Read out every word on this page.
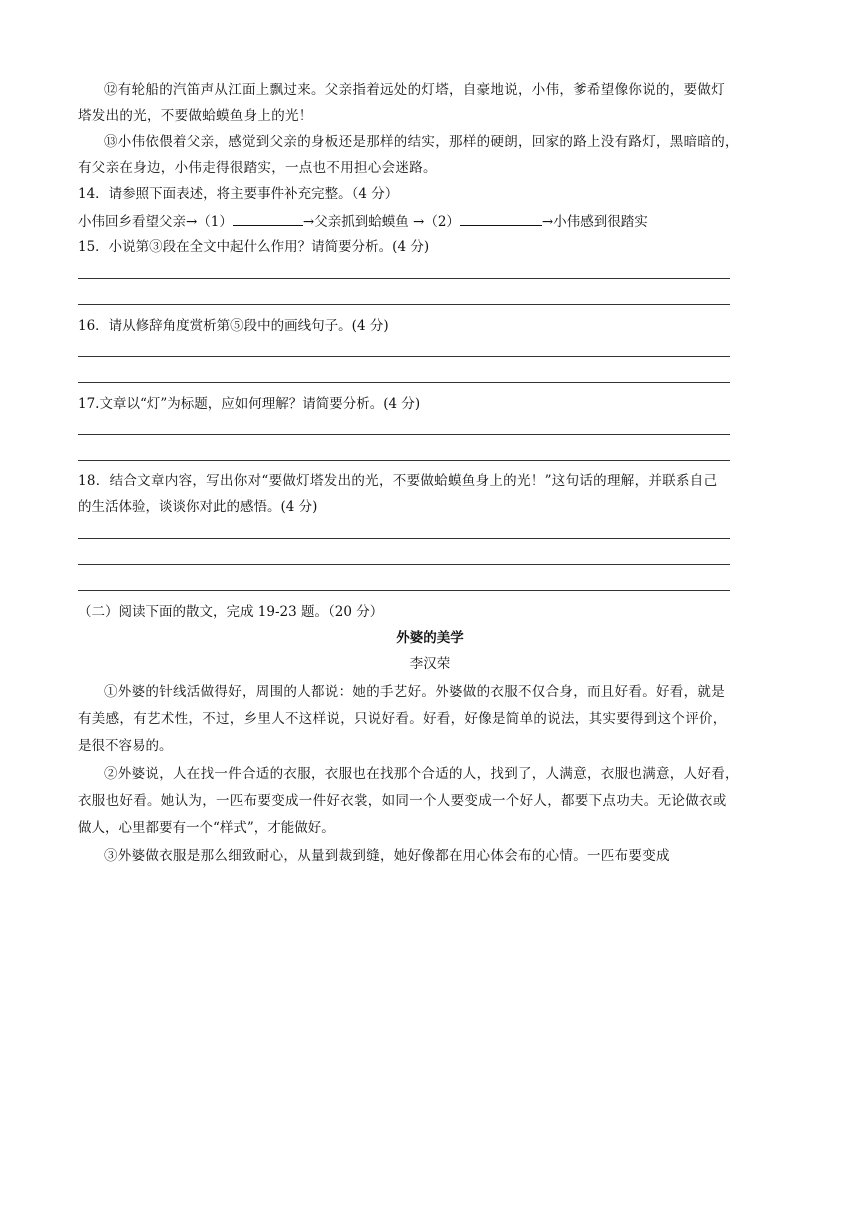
⑫有轮船的汽笛声从江面上飘过来。父亲指着远处的灯塔，自豪地说，小伟，爹希望像你说的，要做灯
塔发出的光，不要做蛤蟆鱼身上的光！
⑬小伟依偎着父亲，感觉到父亲的身板还是那样的结实，那样的硬朗，回家的路上没有路灯，黑暗暗的，
有父亲在身边，小伟走得很踏实，一点也不用担心会迷路。
14．请参照下面表述，将主要事件补充完整。（4 分）
小伟回乡看望父亲→（1）	→父亲抓到蛤蟆鱼 →（2）	→小伟感到很踏实
15．小说第③段在全文中起什么作用？请简要分析。(4 分)
16．请从修辞角度赏析第⑤段中的画线句子。(4 分)
17.文章以“灯”为标题，应如何理解？请简要分析。(4 分)
18．结合文章内容，写出你对“要做灯塔发出的光，不要做蛤蟆鱼身上的光！”这句话的理解，并联系自己
的生活体验，谈谈你对此的感悟。(4 分)
（二）阅读下面的散文，完成 19-23 题。（20 分）
外婆的美学
李汉荣
①外婆的针线活做得好，周围的人都说：她的手艺好。外婆做的衣服不仅合身，而且好看。好看，就是
有美感，有艺术性，不过，乡里人不这样说，只说好看。好看，好像是简单的说法，其实要得到这个评价，
是很不容易的。
②外婆说，人在找一件合适的衣服，衣服也在找那个合适的人，找到了，人满意，衣服也满意，人好看，
衣服也好看。她认为，一匹布要变成一件好衣裳，如同一个人要变成一个好人，都要下点功夫。无论做衣或
做人，心里都要有一个“样式”，才能做好。
③外婆做衣服是那么细致耐心，从量到裁到缝，她好像都在用心体会布的心情。一匹布要变成
